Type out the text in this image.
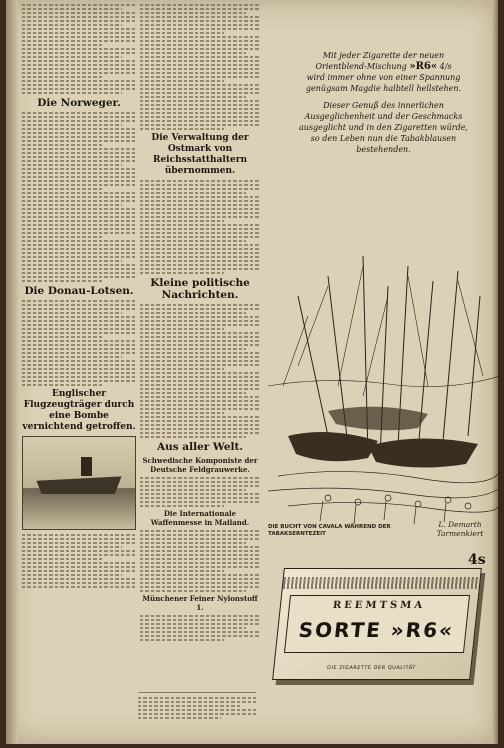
Die Norweger.
Die Donau-Lotsen.
Englischer Flugzeugträger durch eine Bombe vernichtend getroffen.
Die Verwaltung der Ostmark von Reichsstatthaltern übernommen.
Kleine politische Nachrichten.
Aus aller Welt.
Schwedische Komponiste der Deutsche Feldgrauwerke.
Die Internationale Waffenmesse in Mailand.
Münchener Feiner Nylonstoff 1.

Mit jeder Zigarette der neuen

Orientblend-Mischung »R6« 4/s

wird immer ohne von einer Spannung

genügsam Magdie halbtell hellstehen.

Dieser Genuß des innerlichen

Ausgeglichenheit und der Geschmacks

ausgeglicht und in den Zigaretten würde,

so den Leben nun die Tabakblausen

bestehenden.

DIE BUCHT VON CAVALA WÄHREND DER TABAKSERNTEZEIT
L. Demarth Tarmenkiert
4s
REEMTSMA
SORTE »R6«
DIE ZIGARETTE DER QUALITÄT
